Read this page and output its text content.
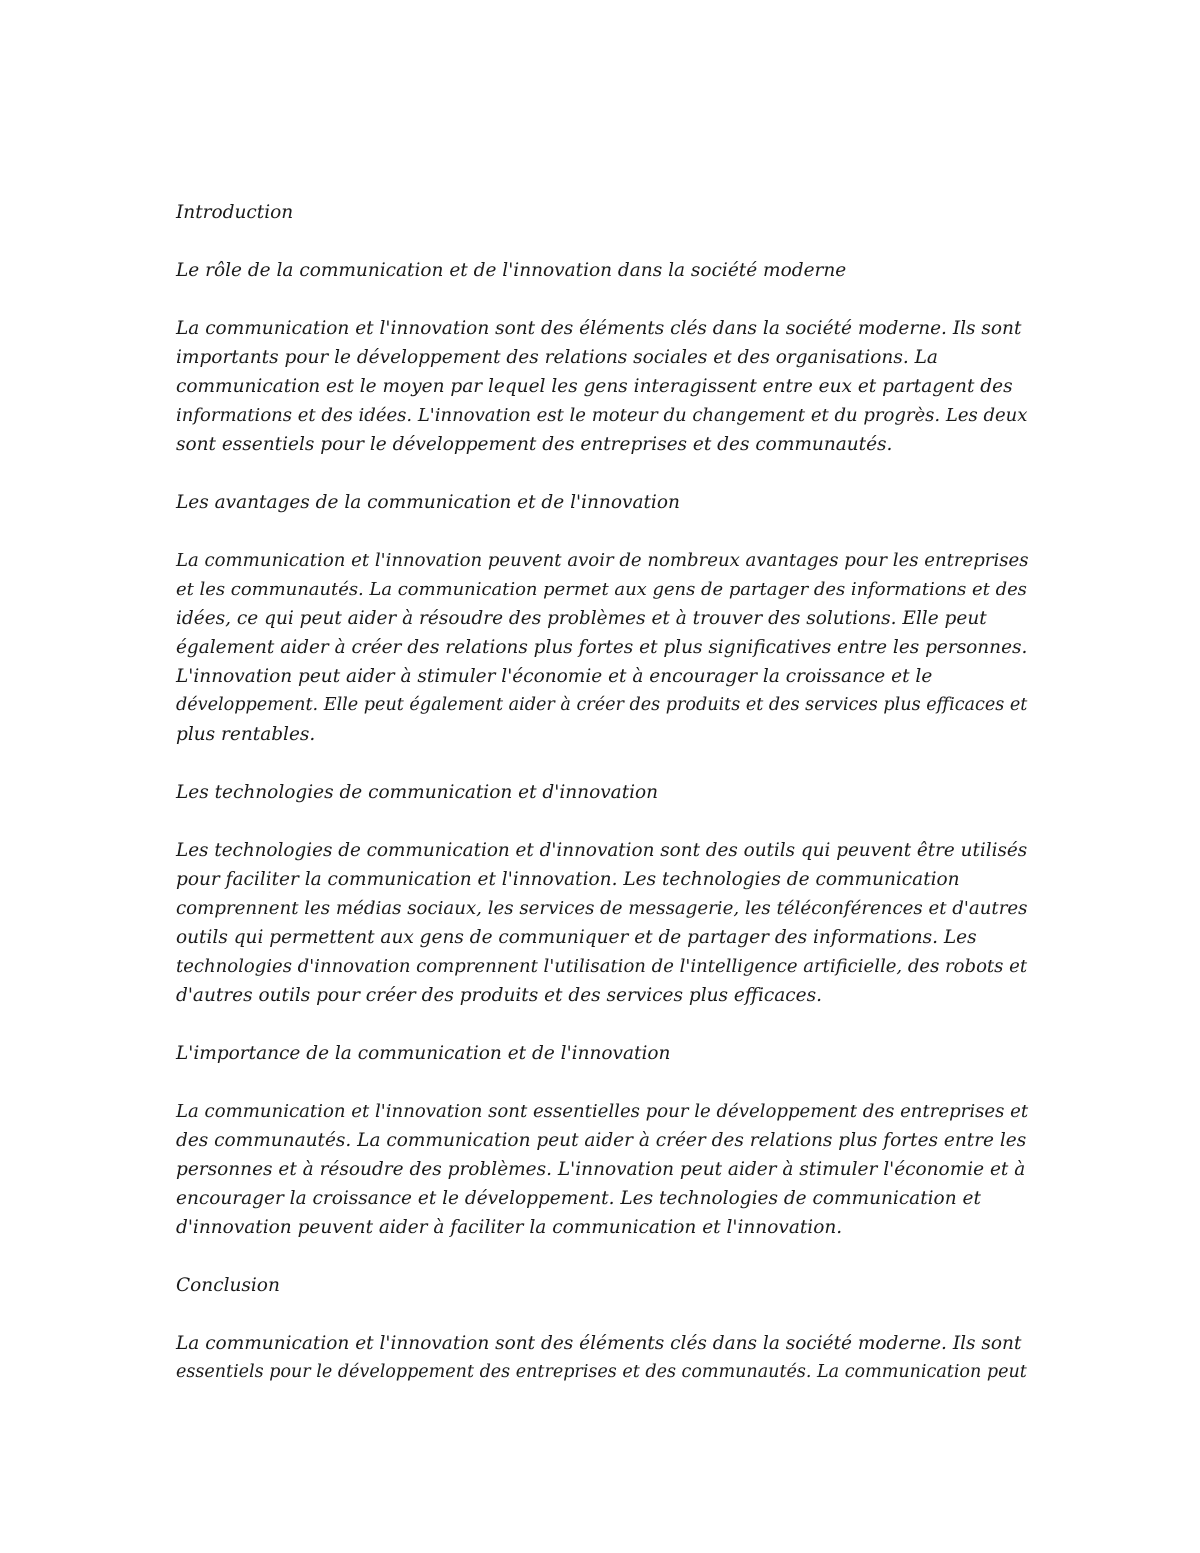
Introduction
Le rôle de la communication et de l'innovation dans la société moderne
La communication et l'innovation sont des éléments clés dans la société moderne. Ils sont
importants pour le développement des relations sociales et des organisations. La
communication est le moyen par lequel les gens interagissent entre eux et partagent des
informations et des idées. L'innovation est le moteur du changement et du progrès. Les deux
sont essentiels pour le développement des entreprises et des communautés.
Les avantages de la communication et de l'innovation
La communication et l'innovation peuvent avoir de nombreux avantages pour les entreprises
et les communautés. La communication permet aux gens de partager des informations et des
idées, ce qui peut aider à résoudre des problèmes et à trouver des solutions. Elle peut
également aider à créer des relations plus fortes et plus significatives entre les personnes.
L'innovation peut aider à stimuler l'économie et à encourager la croissance et le
développement. Elle peut également aider à créer des produits et des services plus efficaces et
plus rentables.
Les technologies de communication et d'innovation
Les technologies de communication et d'innovation sont des outils qui peuvent être utilisés
pour faciliter la communication et l'innovation. Les technologies de communication
comprennent les médias sociaux, les services de messagerie, les téléconférences et d'autres
outils qui permettent aux gens de communiquer et de partager des informations. Les
technologies d'innovation comprennent l'utilisation de l'intelligence artificielle, des robots et
d'autres outils pour créer des produits et des services plus efficaces.
L'importance de la communication et de l'innovation
La communication et l'innovation sont essentielles pour le développement des entreprises et
des communautés. La communication peut aider à créer des relations plus fortes entre les
personnes et à résoudre des problèmes. L'innovation peut aider à stimuler l'économie et à
encourager la croissance et le développement. Les technologies de communication et
d'innovation peuvent aider à faciliter la communication et l'innovation.
Conclusion
La communication et l'innovation sont des éléments clés dans la société moderne. Ils sont
essentiels pour le développement des entreprises et des communautés. La communication peut
